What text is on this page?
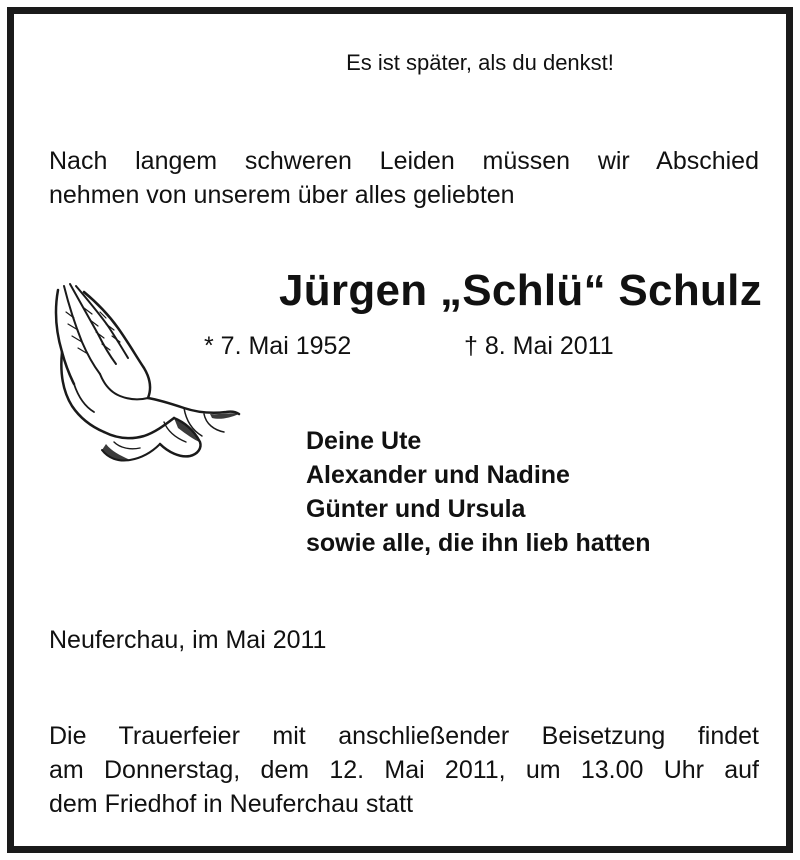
Es ist später, als du denkst!
Nach langem schweren Leiden müssen wir Abschied
nehmen von unserem über alles geliebten
Jürgen „Schlü“ Schulz
* 7. Mai 1952	† 8. Mai 2011
Deine Ute
Alexander und Nadine
Günter und Ursula
sowie alle, die ihn lieb hatten
Neuferchau, im Mai 2011
Die Trauerfeier mit anschließender Beisetzung findet
am Donnerstag, dem 12. Mai 2011, um 13.00 Uhr auf
dem Friedhof in Neuferchau statt
